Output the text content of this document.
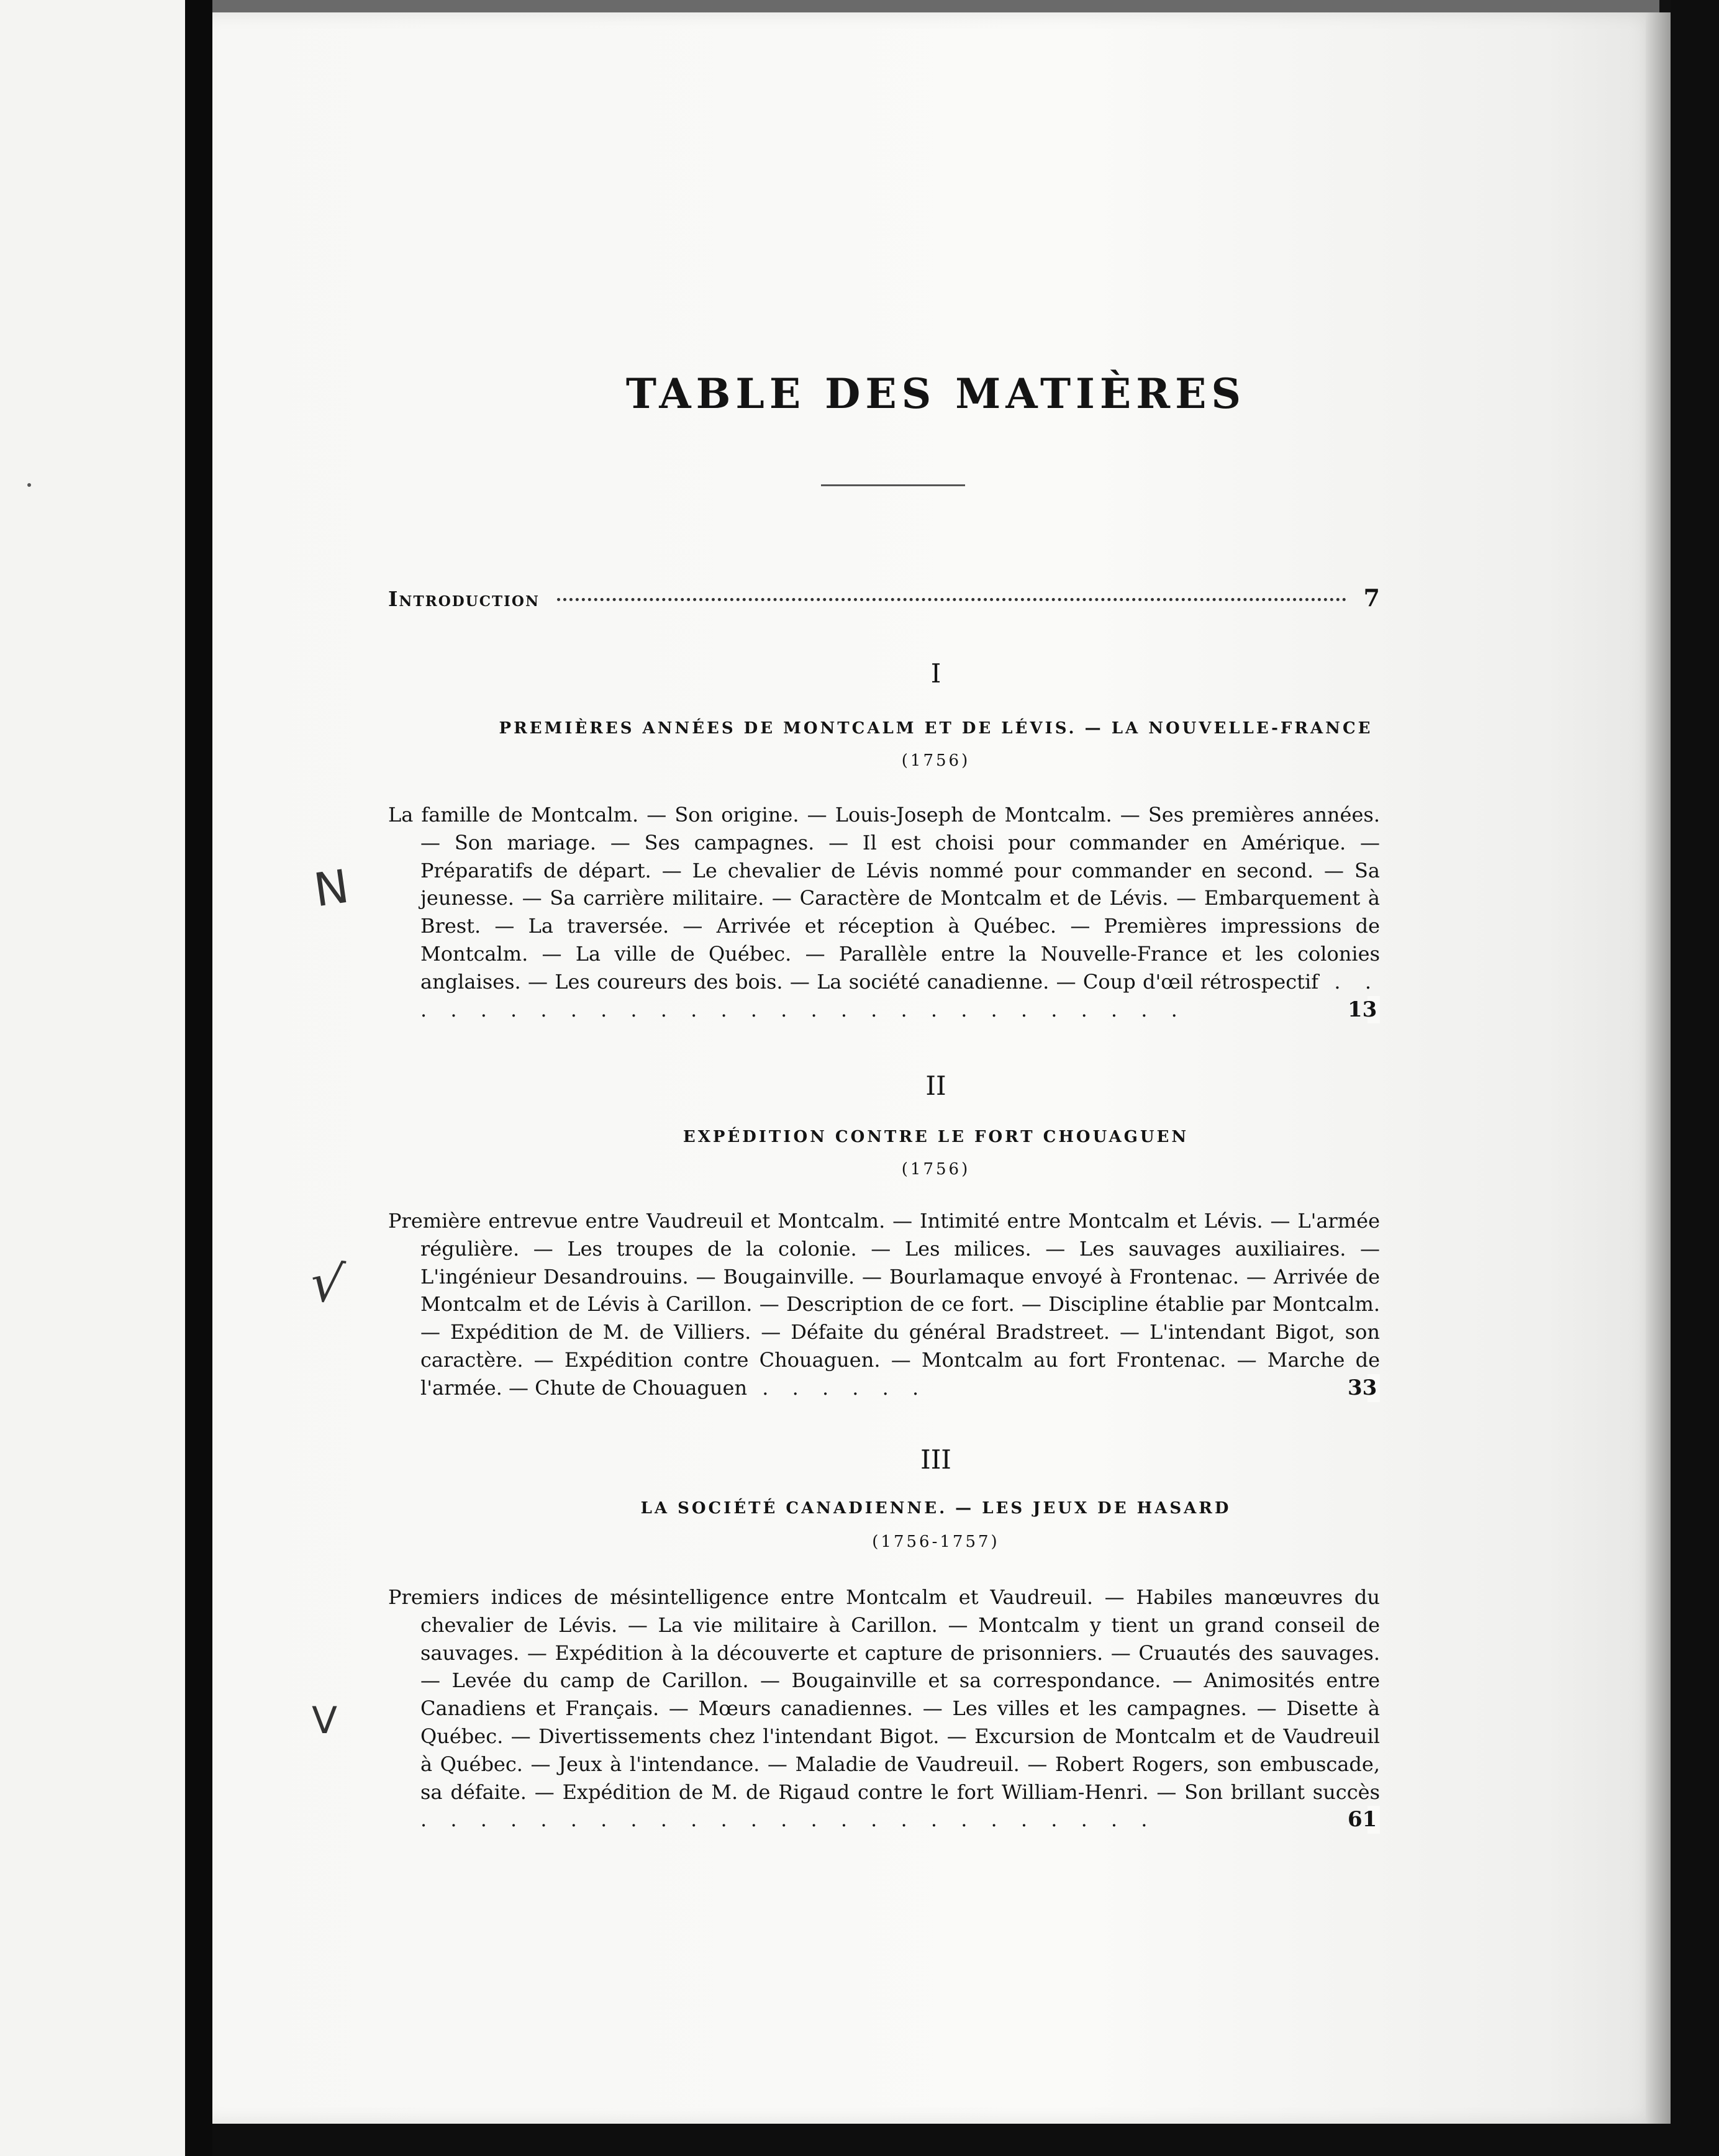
TABLE DES MATIÈRES
Introduction	7
I
PREMIÈRES ANNÉES DE MONTCALM ET DE LÉVIS. — LA NOUVELLE-FRANCE
(1756)

La famille de Montcalm. — Son origine. — Louis-Joseph de Montcalm. — Ses premières années. — Son mariage. — Ses campagnes. — Il est choisi pour commander en Amérique. — Préparatifs de départ. — Le chevalier de Lévis nommé pour commander en second. — Sa jeunesse. — Sa carrière militaire. — Caractère de Montcalm et de Lévis. — Embarquement à Brest. — La traversée. — Arrivée et réception à Québec. — Premières impressions de Montcalm. — La ville de Québec. — Parallèle entre la Nouvelle-France et les colonies anglaises. — Les coureurs des bois. — La société canadienne. — Coup d'œil rétrospectif . . . . . . . . . . . . . . . . . . . . . . . . . . . .	13

N
II
EXPÉDITION CONTRE LE FORT CHOUAGUEN
(1756)

Première entrevue entre Vaudreuil et Montcalm. — Intimité entre Montcalm et Lévis. — L'armée régulière. — Les troupes de la colonie. — Les milices. — Les sauvages auxiliaires. — L'ingénieur Desandrouins. — Bougainville. — Bourlamaque envoyé à Frontenac. — Arrivée de Montcalm et de Lévis à Carillon. — Description de ce fort. — Discipline établie par Montcalm. — Expédition de M. de Villiers. — Défaite du général Bradstreet. — L'intendant Bigot, son caractère. — Expédition contre Chouaguen. — Montcalm au fort Frontenac. — Marche de l'armée. — Chute de Chouaguen . . . . . .	33

√
III
LA SOCIÉTÉ CANADIENNE. — LES JEUX DE HASARD
(1756-1757)

Premiers indices de mésintelligence entre Montcalm et Vaudreuil. — Habiles manœuvres du chevalier de Lévis. — La vie militaire à Carillon. — Montcalm y tient un grand conseil de sauvages. — Expédition à la découverte et capture de prisonniers. — Cruautés des sauvages. — Levée du camp de Carillon. — Bougainville et sa correspondance. — Animosités entre Canadiens et Français. — Mœurs canadiennes. — Les villes et les campagnes. — Disette à Québec. — Divertissements chez l'intendant Bigot. — Excursion de Montcalm et de Vaudreuil à Québec. — Jeux à l'intendance. — Maladie de Vaudreuil. — Robert Rogers, son embuscade, sa défaite. — Expédition de M. de Rigaud contre le fort William-Henri. — Son brillant succès . . . . . . . . . . . . . . . . . . . . . . . . .	61

V
